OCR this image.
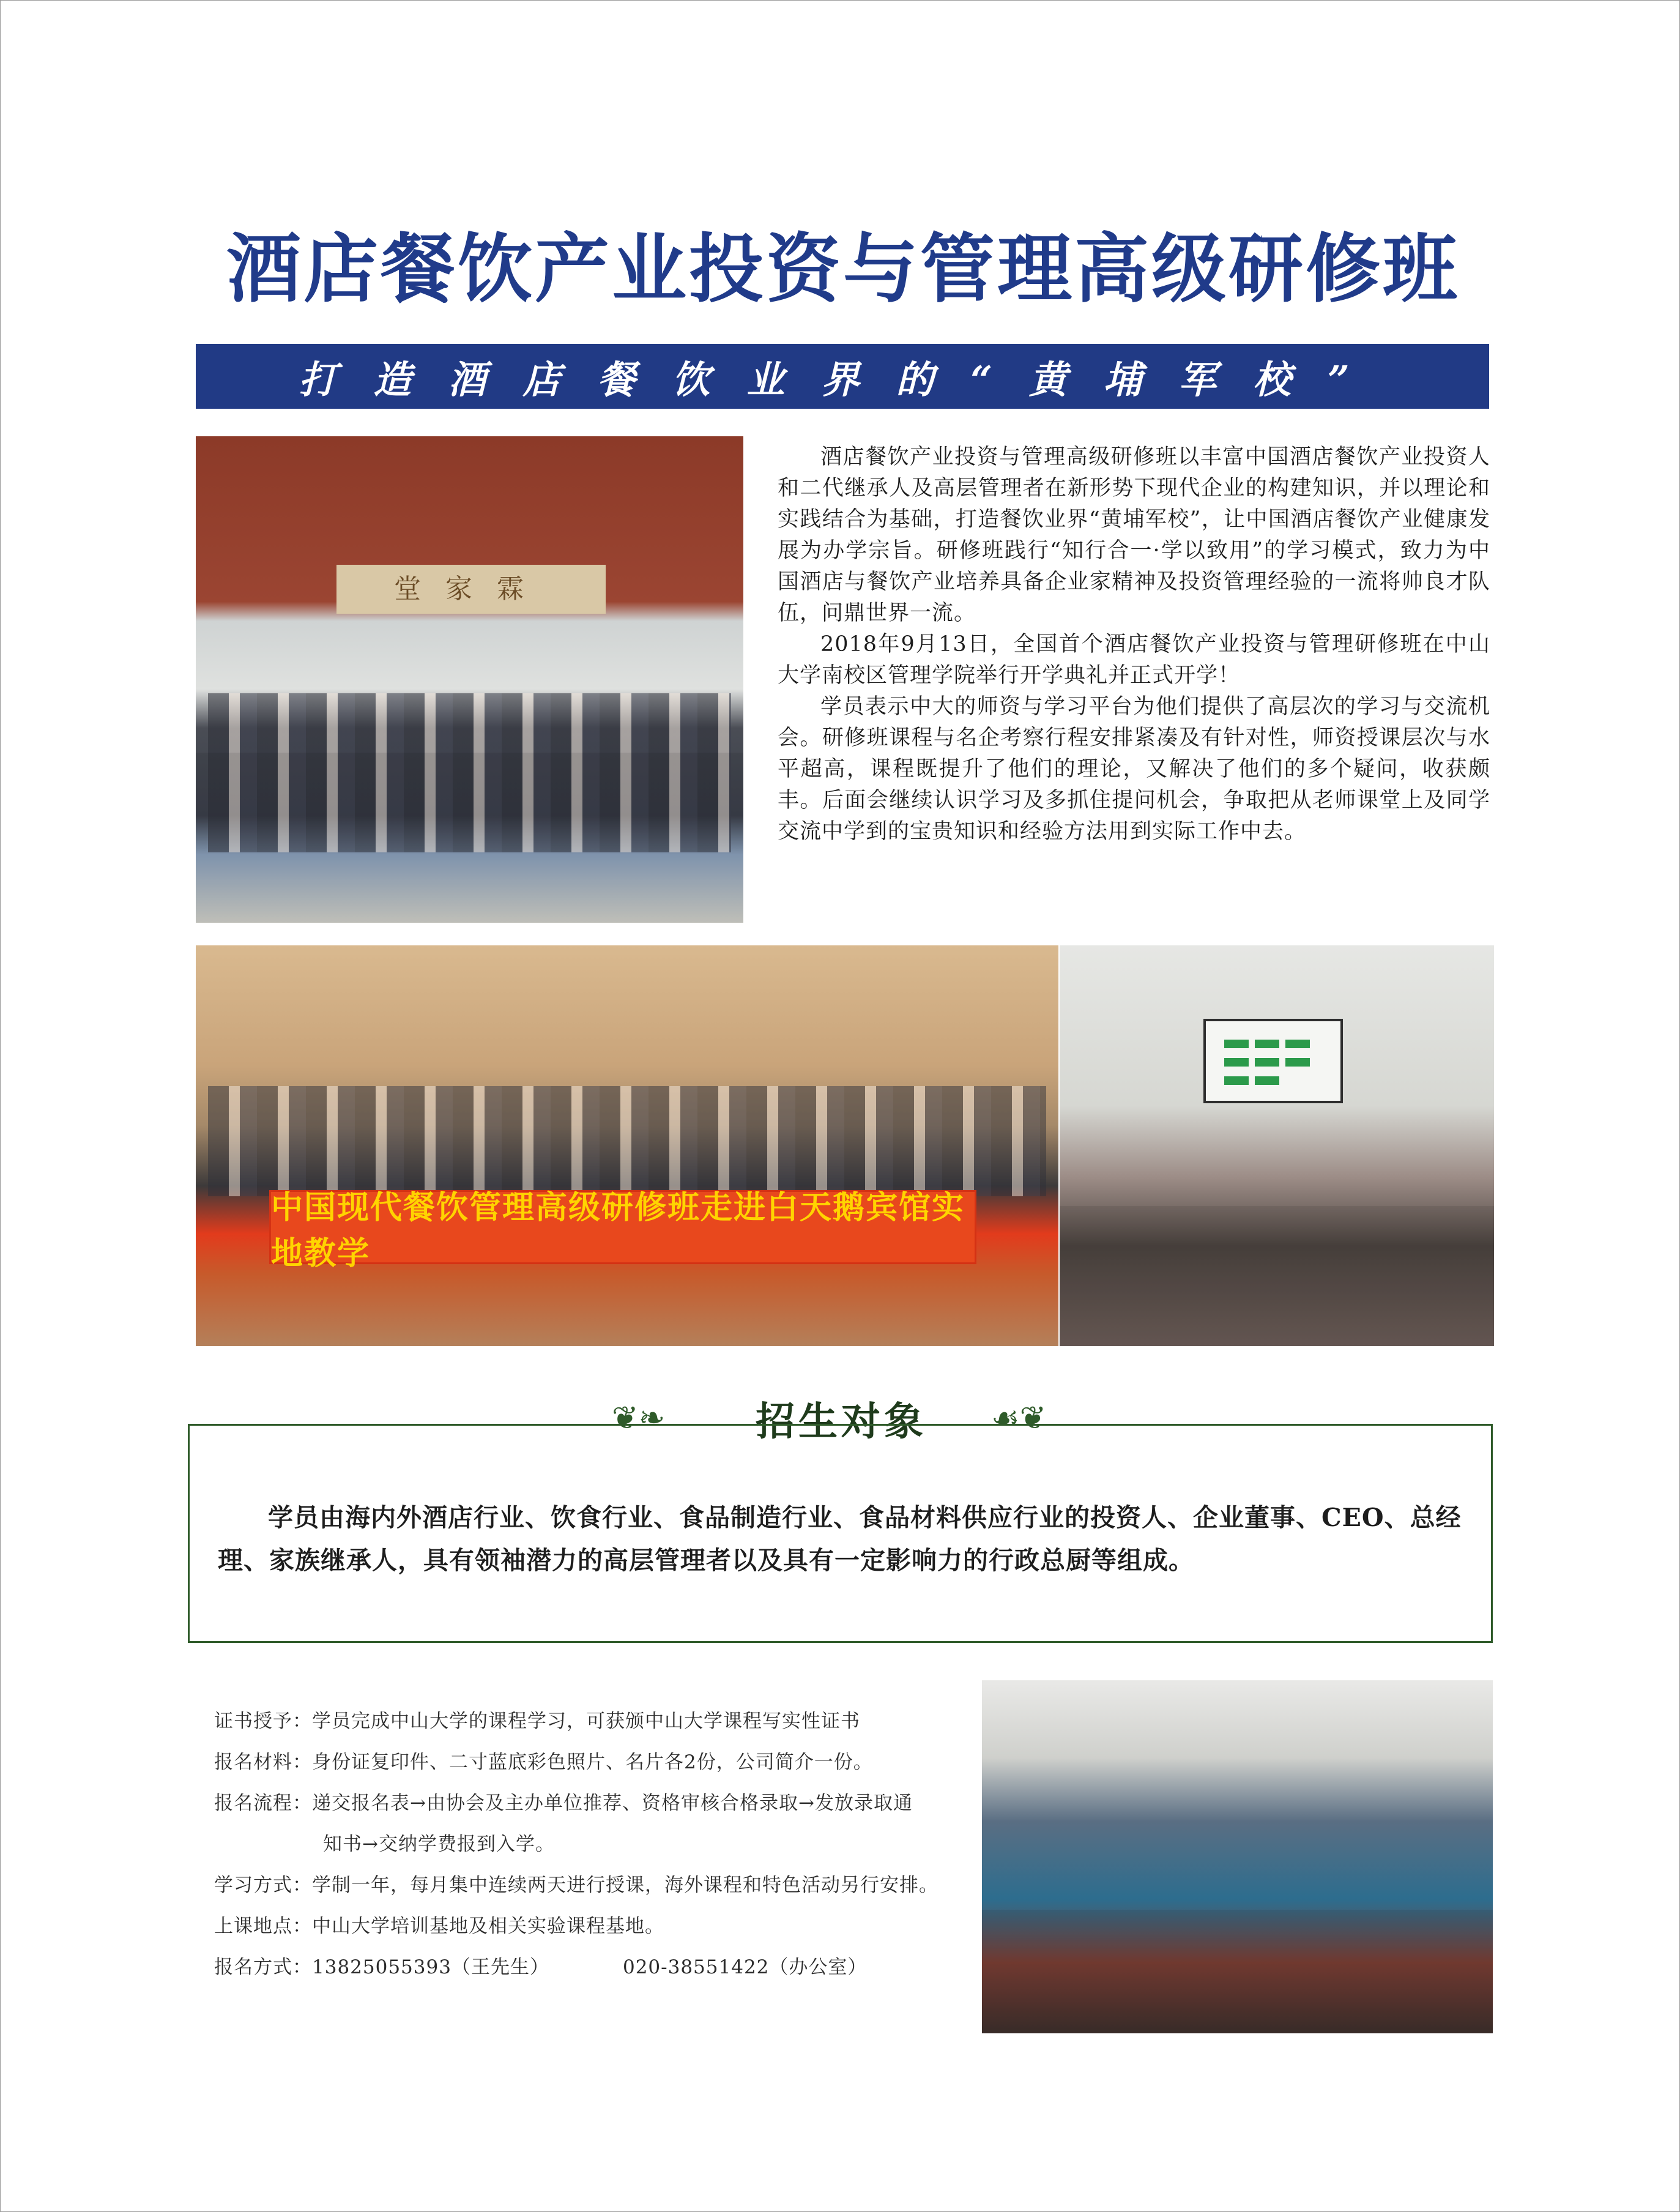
酒店餐饮产业投资与管理高级研修班
打造酒店餐饮业界的“黄埔军校”
堂家霖

酒店餐饮产业投资与管理高级研修班以丰富中国酒店餐饮产业投资人和二代继承人及高层管理者在新形势下现代企业的构建知识，并以理论和实践结合为基础，打造餐饮业界“黄埔军校”，让中国酒店餐饮产业健康发展为办学宗旨。研修班践行“知行合一·学以致用”的学习模式，致力为中国酒店与餐饮产业培养具备企业家精神及投资管理经验的一流将帅良才队伍，问鼎世界一流。

2018年9月13日，全国首个酒店餐饮产业投资与管理研修班在中山大学南校区管理学院举行开学典礼并正式开学！

学员表示中大的师资与学习平台为他们提供了高层次的学习与交流机会。研修班课程与名企考察行程安排紧凑及有针对性，师资授课层次与水平超高，课程既提升了他们的理论，又解决了他们的多个疑问，收获颇丰。后面会继续认识学习及多抓住提问机会，争取把从老师课堂上及同学交流中学到的宝贵知识和经验方法用到实际工作中去。

中国现代餐饮管理高级研修班走进白天鹅宾馆实地教学
❦❧	招生对象	☙❦

学员由海内外酒店行业、饮食行业、食品制造行业、食品材料供应行业的投资人、企业董事、CEO、总经理、家族继承人，具有领袖潜力的高层管理者以及具有一定影响力的行政总厨等组成。

证书授予：学员完成中山大学的课程学习，可获颁中山大学课程写实性证书
报名材料：身份证复印件、二寸蓝底彩色照片、名片各2份，公司简介一份。
报名流程：递交报名表→由协会及主办单位推荐、资格审核合格录取→发放录取通
知书→交纳学费报到入学。
学习方式：学制一年，每月集中连续两天进行授课，海外课程和特色活动另行安排。
上课地点：中山大学培训基地及相关实验课程基地。
报名方式：13825055393（王先生）	020-38551422（办公室）
